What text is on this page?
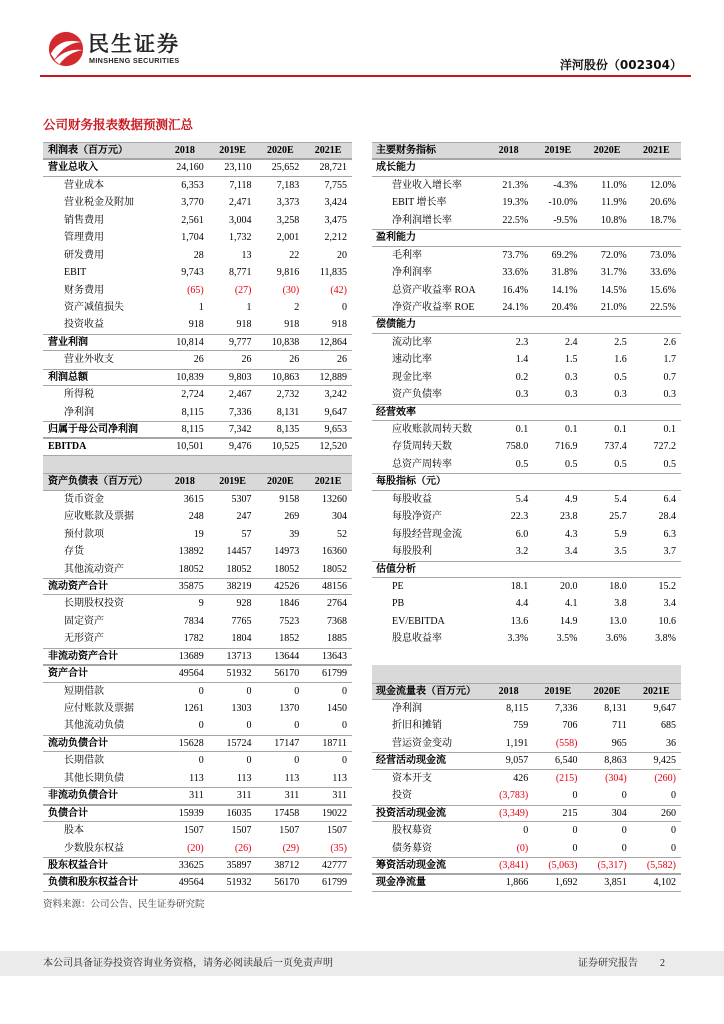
民生证券
MINSHENG SECURITIES	洋河股份（002304）
公司财务报表数据预测汇总
利润表（百万元）	2018	2019E	2020E	2021E
营业总收入	24,160	23,110	25,652	28,721
营业成本	6,353	7,118	7,183	7,755
营业税金及附加	3,770	2,471	3,373	3,424
销售费用	2,561	3,004	3,258	3,475
管理费用	1,704	1,732	2,001	2,212
研发费用	28	13	22	20
EBIT	9,743	8,771	9,816	11,835
财务费用	(65)	(27)	(30)	(42)
资产减值损失	1	1	2	0
投资收益	918	918	918	918
营业利润	10,814	9,777	10,838	12,864
营业外收支	26	26	26	26
利润总额	10,839	9,803	10,863	12,889
所得税	2,724	2,467	2,732	3,242
净利润	8,115	7,336	8,131	9,647
归属于母公司净利润	8,115	7,342	8,135	9,653
EBITDA	10,501	9,476	10,525	12,520
资产负债表（百万元）	2018	2019E	2020E	2021E
货币资金	3615	5307	9158	13260
应收账款及票据	248	247	269	304
预付款项	19	57	39	52
存货	13892	14457	14973	16360
其他流动资产	18052	18052	18052	18052
流动资产合计	35875	38219	42526	48156
长期股权投资	9	928	1846	2764
固定资产	7834	7765	7523	7368
无形资产	1782	1804	1852	1885
非流动资产合计	13689	13713	13644	13643
资产合计	49564	51932	56170	61799
短期借款	0	0	0	0
应付账款及票据	1261	1303	1370	1450
其他流动负债	0	0	0	0
流动负债合计	15628	15724	17147	18711
长期借款	0	0	0	0
其他长期负债	113	113	113	113
非流动负债合计	311	311	311	311
负债合计	15939	16035	17458	19022
股本	1507	1507	1507	1507
少数股东权益	(20)	(26)	(29)	(35)
股东权益合计	33625	35897	38712	42777
负债和股东权益合计	49564	51932	56170	61799
主要财务指标	2018	2019E	2020E	2021E
成长能力
营业收入增长率	21.3%	-4.3%	11.0%	12.0%
EBIT 增长率	19.3%	-10.0%	11.9%	20.6%
净利润增长率	22.5%	-9.5%	10.8%	18.7%
盈利能力
毛利率	73.7%	69.2%	72.0%	73.0%
净利润率	33.6%	31.8%	31.7%	33.6%
总资产收益率 ROA	16.4%	14.1%	14.5%	15.6%
净资产收益率 ROE	24.1%	20.4%	21.0%	22.5%
偿债能力
流动比率	2.3	2.4	2.5	2.6
速动比率	1.4	1.5	1.6	1.7
现金比率	0.2	0.3	0.5	0.7
资产负债率	0.3	0.3	0.3	0.3
经营效率
应收账款周转天数	0.1	0.1	0.1	0.1
存货周转天数	758.0	716.9	737.4	727.2
总资产周转率	0.5	0.5	0.5	0.5
每股指标（元）
每股收益	5.4	4.9	5.4	6.4
每股净资产	22.3	23.8	25.7	28.4
每股经营现金流	6.0	4.3	5.9	6.3
每股股利	3.2	3.4	3.5	3.7
估值分析
PE	18.1	20.0	18.0	15.2
PB	4.4	4.1	3.8	3.4
EV/EBITDA	13.6	14.9	13.0	10.6
股息收益率	3.3%	3.5%	3.6%	3.8%
现金流量表（百万元）	2018	2019E	2020E	2021E
净利润	8,115	7,336	8,131	9,647
折旧和摊销	759	706	711	685
营运资金变动	1,191	(558)	965	36
经营活动现金流	9,057	6,540	8,863	9,425
资本开支	426	(215)	(304)	(260)
投资	(3,783)	0	0	0
投资活动现金流	(3,349)	215	304	260
股权募资	0	0	0	0
债务募资	(0)	0	0	0
筹资活动现金流	(3,841)	(5,063)	(5,317)	(5,582)
现金净流量	1,866	1,692	3,851	4,102
资料来源：公司公告、民生证券研究院
本公司具备证券投资咨询业务资格，请务必阅读最后一页免责声明	证券研究报告 2
